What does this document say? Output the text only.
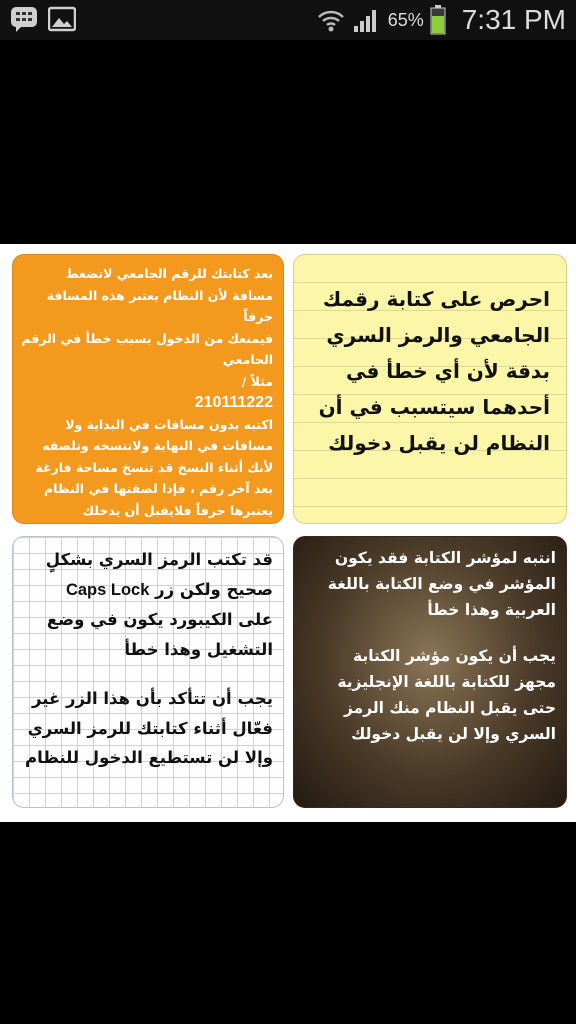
65% 7:31 PM
احرص على كتابة رقمك
الجامعي والرمز السري
بدقة لأن أي خطأ في
أحدهما سيتسبب في أن
النظام لن يقبل دخولك
بعد كتابتك للرقم الجامعي لاتضغط
مسافة لأن النظام يعتبر هذه المسافة حرفاً
فيمنعك من الدخول بسبب خطأ في الرقم
الجامعي
مثلاً /
210111222
اكتبه بدون مسافات في البداية ولا
مسافات في النهاية ولاتنسخه وتلصقه
لأنك أثناء النسخ قد تنسخ مساحة فارغة
بعد آخر رقم ، فإذا لصقتها في النظام
يعتبرها حرفاً فلايقبل أن يدخلك
قد تكتب الرمز السري بشكلٍ
صحيح ولكن زر Caps Lock
على الكيبورد يكون في وضع
التشغيل وهذا خطأ
يجب أن تتأكد بأن هذا الزر غير
فعّال أثناء كتابتك للرمز السري
وإلا لن تستطيع الدخول للنظام
انتبه لمؤشر الكتابة فقد يكون
المؤشر في وضع الكتابة باللغة
العربية وهذا خطأ
يجب أن يكون مؤشر الكتابة
مجهز للكتابة باللغة الإنجليزية
حتى يقبل النظام منك الرمز
السري وإلا لن يقبل دخولك
